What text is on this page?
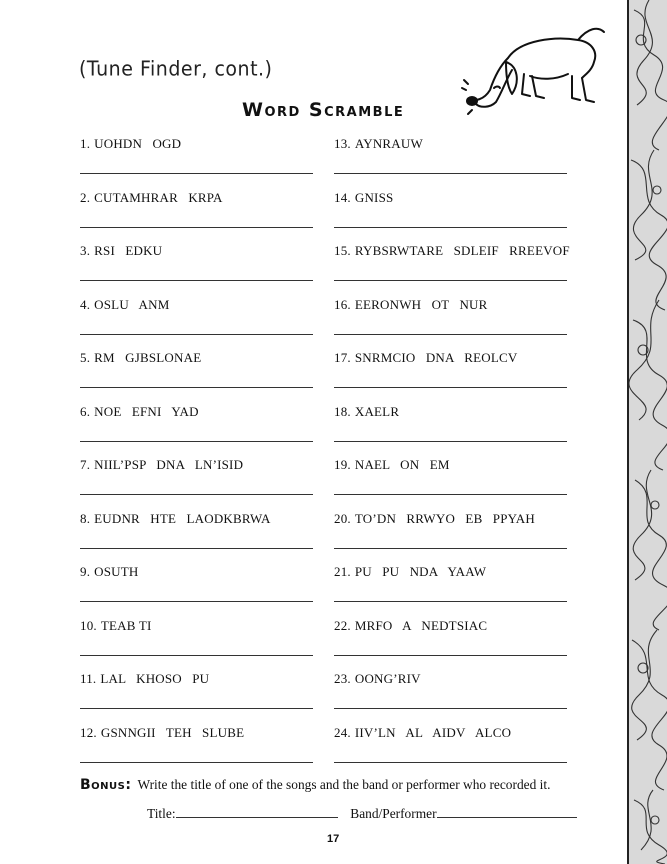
(Tune Finder, cont.)
Word Scramble
1. UOHDN   OGD
2. CUTAMHRAR   KRPA
3. RSI   EDKU
4. OSLU   ANM
5. RM   GJBSLONAE
6. NOE   EFNI   YAD
7. NIIL’PSP   DNA   LN’ISID
8. EUDNR   HTE   LAODKBRWA
9. OSUTH
10. TEAB TI
11. LAL   KHOSO   PU
12. GSNNGII   TEH   SLUBE
13. AYNRAUW
14. GNISS
15. RYBSRWTARE   SDLEIF   RREEVOF
16. EERONWH   OT   NUR
17. SNRMCIO   DNA   REOLCV
18. XAELR
19. NAEL   ON   EM
20. TO’DN   RRWYO   EB   PPYAH
21. PU   PU   NDA   YAAW
22. MRFO   A   NEDTSIAC
23. OONG’RIV
24. IIV’LN   AL   AIDV   ALCO
Bonus: Write the title of one of the songs and the band or performer who recorded it.
Title:	Band/Performer
17
